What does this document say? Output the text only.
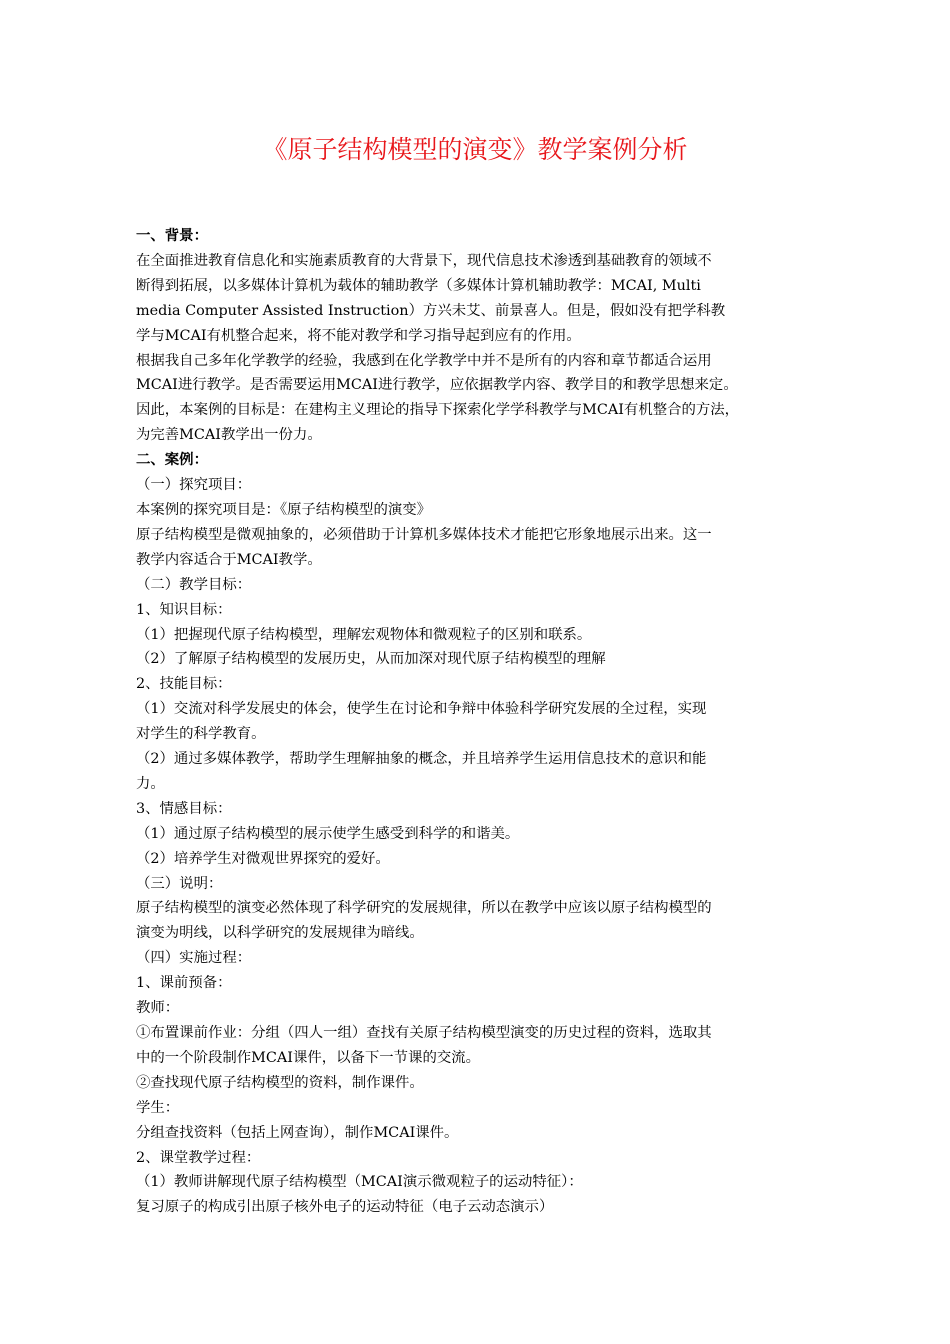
《原子结构模型的演变》教学案例分析

一、背景：

在全面推进教育信息化和实施素质教育的大背景下，现代信息技术渗透到基础教育的领域不

断得到拓展，以多媒体计算机为载体的辅助教学（多媒体计算机辅助教学：MCAI, Multi

media Computer Assisted Instruction）方兴未艾、前景喜人。但是，假如没有把学科教

学与MCAI有机整合起来，将不能对教学和学习指导起到应有的作用。

根据我自己多年化学教学的经验，我感到在化学教学中并不是所有的内容和章节都适合运用

MCAI进行教学。是否需要运用MCAI进行教学，应依据教学内容、教学目的和教学思想来定。

因此，本案例的目标是：在建构主义理论的指导下探索化学学科教学与MCAI有机整合的方法，

为完善MCAI教学出一份力。

二、案例：

（一）探究项目：

本案例的探究项目是：《原子结构模型的演变》

原子结构模型是微观抽象的，必须借助于计算机多媒体技术才能把它形象地展示出来。这一

教学内容适合于MCAI教学。

（二）教学目标：

1、知识目标：

（1）把握现代原子结构模型，理解宏观物体和微观粒子的区别和联系。

（2）了解原子结构模型的发展历史，从而加深对现代原子结构模型的理解

2、技能目标：

（1）交流对科学发展史的体会，使学生在讨论和争辩中体验科学研究发展的全过程，实现

对学生的科学教育。

（2）通过多媒体教学，帮助学生理解抽象的概念，并且培养学生运用信息技术的意识和能

力。

3、情感目标：

（1）通过原子结构模型的展示使学生感受到科学的和谐美。

（2）培养学生对微观世界探究的爱好。

（三）说明：

原子结构模型的演变必然体现了科学研究的发展规律，所以在教学中应该以原子结构模型的

演变为明线，以科学研究的发展规律为暗线。

（四）实施过程：

1、课前预备：

教师：

①布置课前作业：分组（四人一组）查找有关原子结构模型演变的历史过程的资料，选取其

中的一个阶段制作MCAI课件，以备下一节课的交流。

②查找现代原子结构模型的资料，制作课件。

学生：

分组查找资料（包括上网查询），制作MCAI课件。

2、课堂教学过程：

（1）教师讲解现代原子结构模型（MCAI演示微观粒子的运动特征）：

复习原子的构成引出原子核外电子的运动特征（电子云动态演示）
